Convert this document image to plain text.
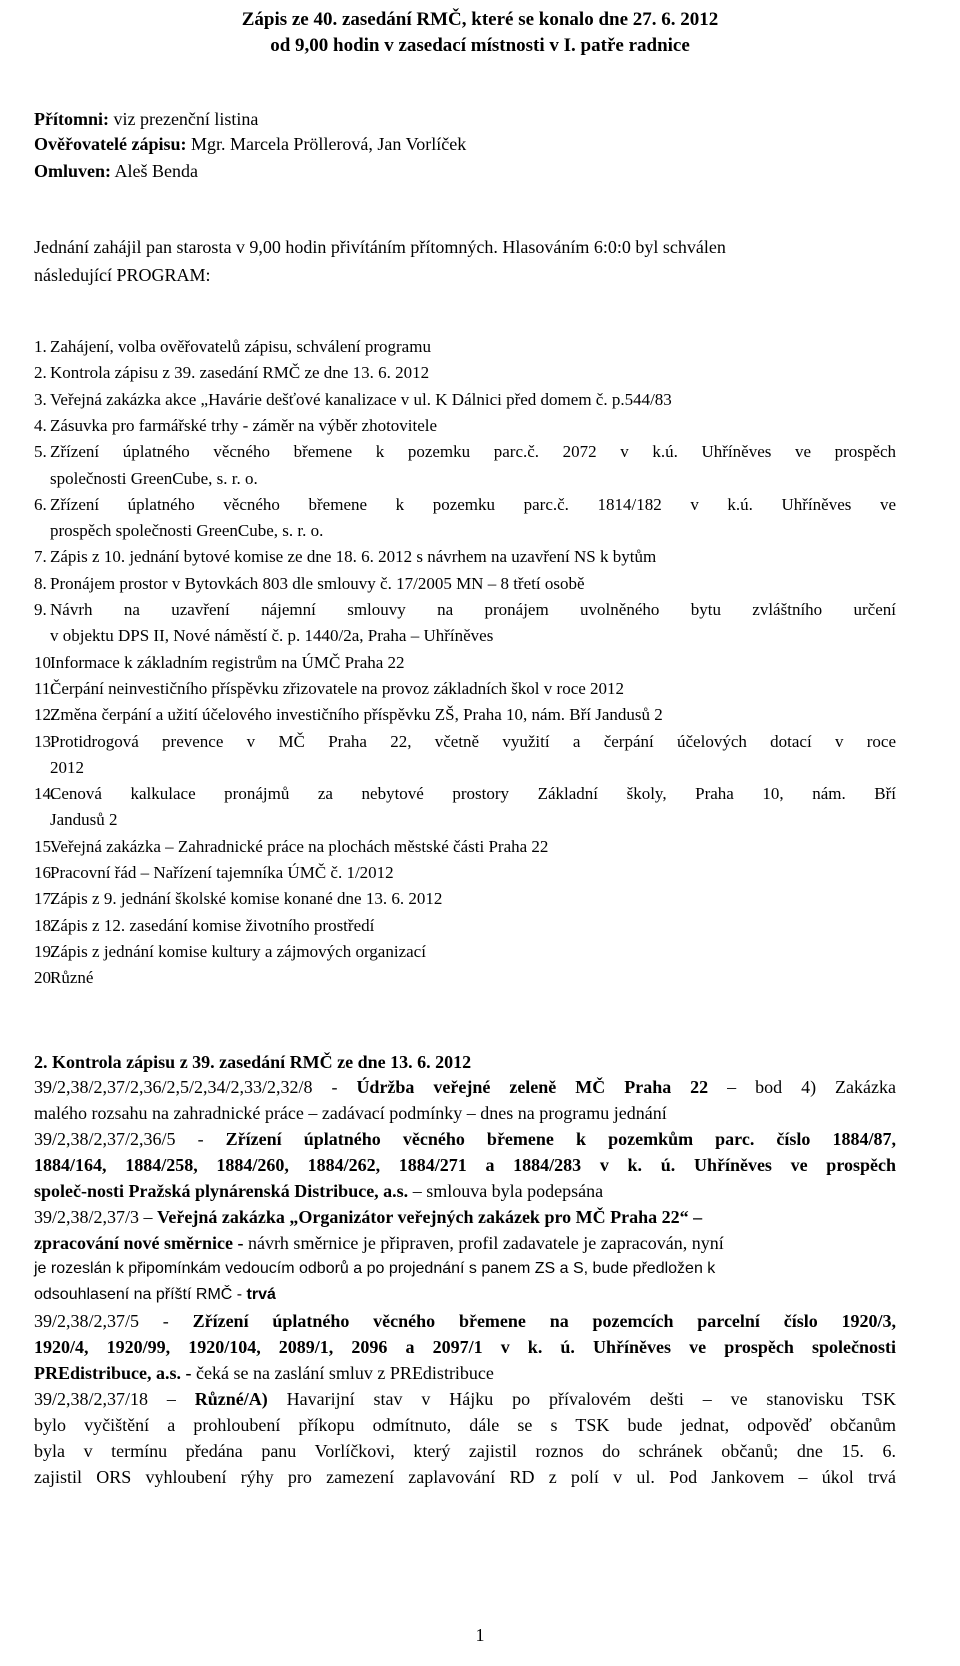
Zápis ze 40. zasedání RMČ, které se konalo dne 27. 6. 2012
od 9,00 hodin v zasedací místnosti v I. patře radnice
Přítomni: viz prezenční listina
Ověřovatelé zápisu: Mgr. Marcela Pröllerová, Jan Vorlíček
Omluven: Aleš Benda
Jednání zahájil pan starosta v 9,00 hodin přivítáním přítomných. Hlasováním 6:0:0 byl schválen
následující PROGRAM:
1. Zahájení, volba ověřovatelů zápisu, schválení programu
2. Kontrola zápisu z 39. zasedání RMČ ze dne 13. 6. 2012
3. Veřejná zakázka akce „Havárie dešťové kanalizace v ul. K Dálnici před domem č. p.544/83
4. Zásuvka pro farmářské trhy - záměr na výběr zhotovitele
5. Zřízení úplatného věcného břemene k pozemku parc.č. 2072 v k.ú. Uhříněves ve prospěch
společnosti GreenCube, s. r. o.
6. Zřízení úplatného věcného břemene k pozemku parc.č. 1814/182 v k.ú. Uhříněves ve
prospěch společnosti GreenCube, s. r. o.
7. Zápis z 10. jednání bytové komise ze dne 18. 6. 2012 s návrhem na uzavření NS k bytům
8. Pronájem prostor v Bytovkách 803 dle smlouvy č. 17/2005 MN – 8 třetí osobě
9. Návrh na uzavření nájemní smlouvy na pronájem uvolněného bytu zvláštního určení
v objektu DPS II, Nové náměstí č. p. 1440/2a, Praha – Uhříněves
10.
Informace k základním registrům na ÚMČ Praha 22
11.
Čerpání neinvestičního příspěvku zřizovatele na provoz základních škol v roce 2012
12.
Změna čerpání a užití účelového investičního příspěvku ZŠ, Praha 10, nám. Bří Jandusů 2
13.
Protidrogová prevence v MČ Praha 22, včetně využití a čerpání účelových dotací v roce
2012
14.
Cenová kalkulace pronájmů za nebytové prostory Základní školy, Praha 10, nám. Bří
Jandusů 2
15.
Veřejná zakázka – Zahradnické práce na plochách městské části Praha 22
16.
Pracovní řád – Nařízení tajemníka ÚMČ č. 1/2012
17.
Zápis z 9. jednání školské komise konané dne 13. 6. 2012
18.
Zápis z 12. zasedání komise životního prostředí
19.
Zápis z jednání komise kultury a zájmových organizací
20.
Různé
2. Kontrola zápisu z 39. zasedání RMČ ze dne 13. 6. 2012
39/2,38/2,37/2,36/2,5/2,34/2,33/2,32/8 - Údržba veřejné zeleně MČ Praha 22 – bod 4) Zakázka
malého rozsahu na zahradnické práce – zadávací podmínky – dnes na programu jednání
39/2,38/2,37/2,36/5 - Zřízení úplatného věcného břemene k pozemkům parc. číslo 1884/87,
1884/164, 1884/258, 1884/260, 1884/262, 1884/271 a 1884/283 v k. ú. Uhříněves ve prospěch
společ-nosti Pražská plynárenská Distribuce, a.s. – smlouva byla podepsána
39/2,38/2,37/3 – Veřejná zakázka „Organizátor veřejných zakázek pro MČ Praha 22“ –
zpracování nové směrnice - návrh směrnice je připraven, profil zadavatele je zapracován, nyní
je rozeslán k připomínkám vedoucím odborů a po projednání s panem ZS a S, bude předložen k
odsouhlasení na příští RMČ - trvá
39/2,38/2,37/5 - Zřízení úplatného věcného břemene na pozemcích parcelní číslo 1920/3,
1920/4, 1920/99, 1920/104, 2089/1, 2096 a 2097/1 v k. ú. Uhříněves ve prospěch společnosti
PREdistribuce, a.s. - čeká se na zaslání smluv z PREdistribuce
39/2,38/2,37/18 – Různé/A) Havarijní stav v Hájku po přívalovém dešti – ve stanovisku TSK
bylo vyčištění a prohloubení příkopu odmítnuto, dále se s TSK bude jednat, odpověď občanům
byla v termínu předána panu Vorlíčkovi, který zajistil roznos do schránek občanů; dne 15. 6.
zajistil ORS vyhloubení rýhy pro zamezení zaplavování RD z polí v ul. Pod Jankovem – úkol trvá
1
